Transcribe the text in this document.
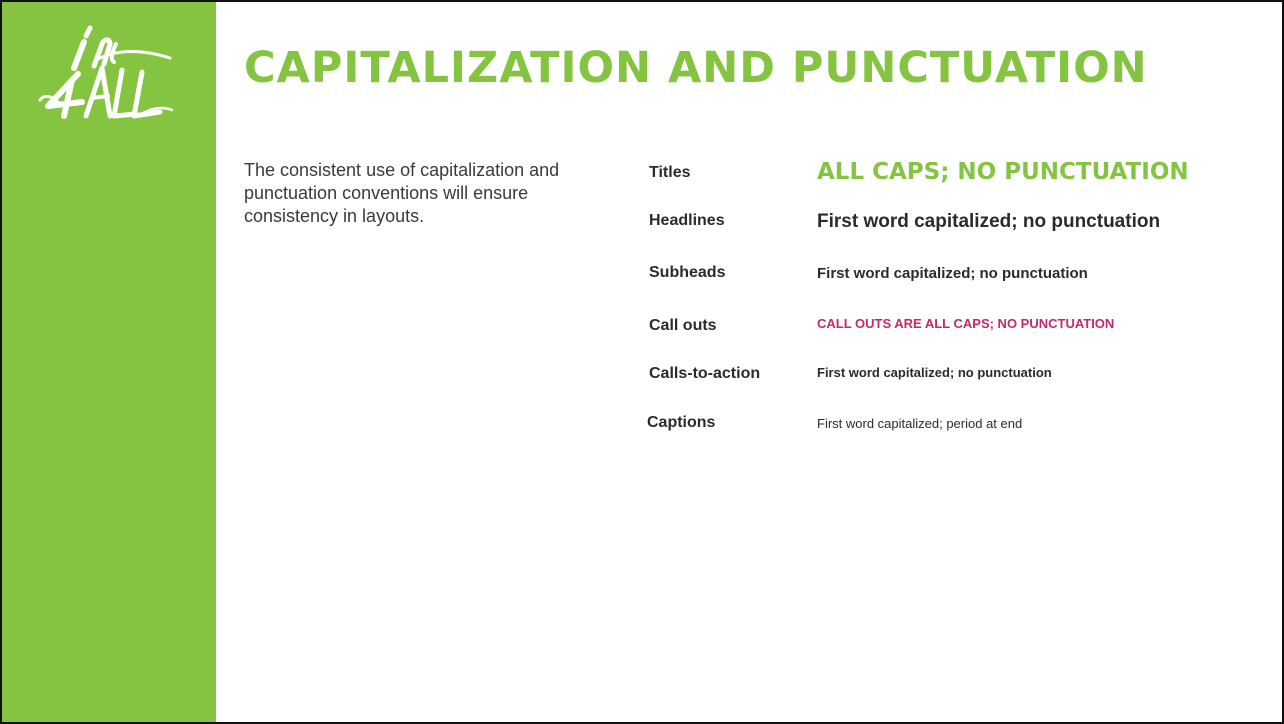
CAPITALIZATION AND PUNCTUATION

The consistent use of capitalization and punctuation conventions will ensure consistency in layouts.

Titles	ALL CAPS; NO PUNCTUATION

Headlines	First word capitalized; no punctuation

Subheads	First word capitalized; no punctuation

Call outs	CALL OUTS ARE ALL CAPS; NO PUNCTUATION

Calls-to-action	First word capitalized; no punctuation

Captions	First word capitalized; period at end
